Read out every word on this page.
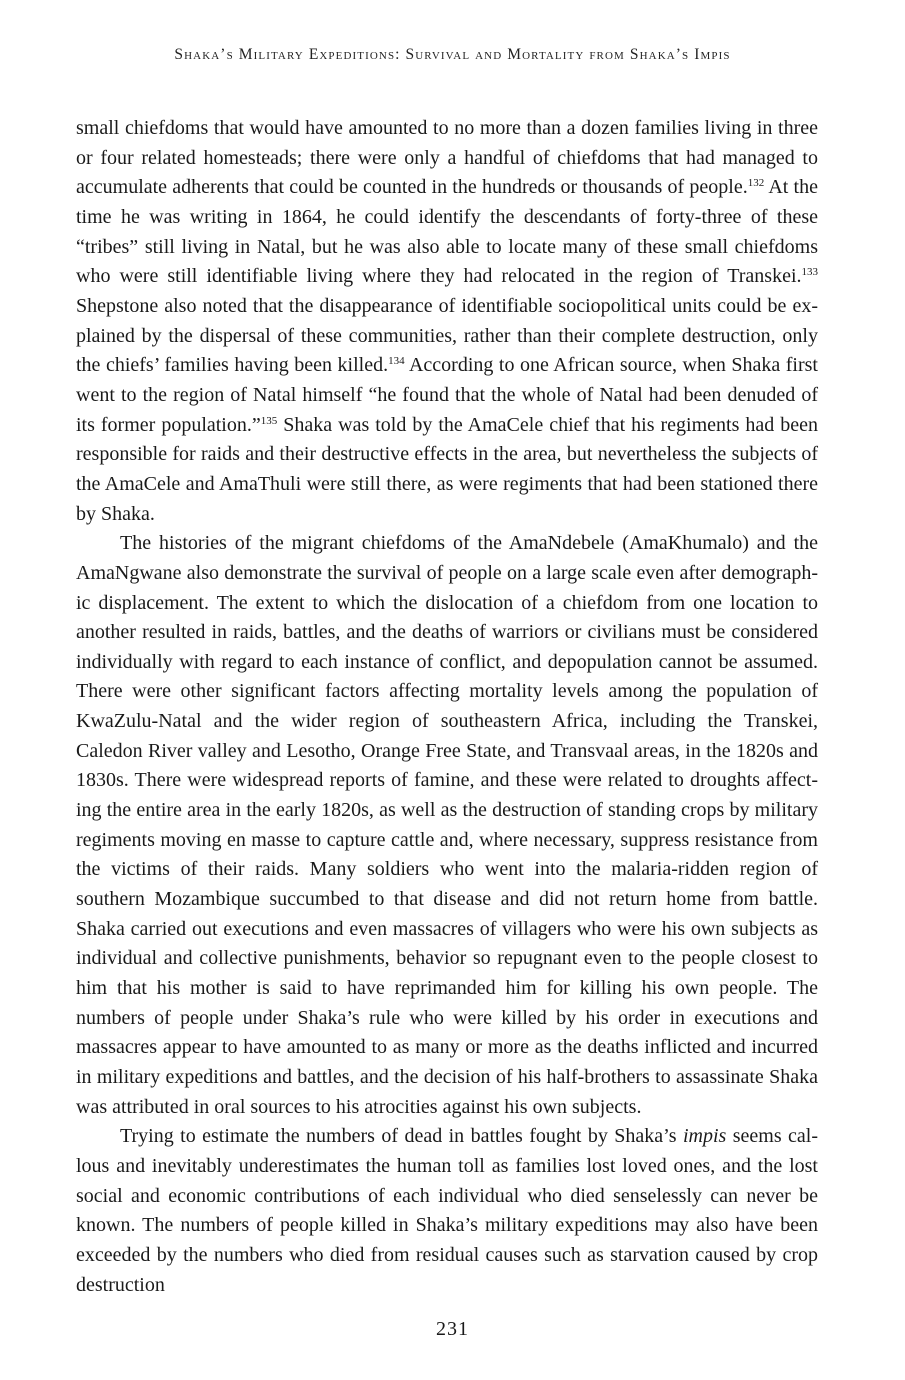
Shaka’s Military Expeditions: Survival and Mortality from Shaka’s Impis

small chiefdoms that would have amounted to no more than a dozen families living in three or four related homesteads; there were only a handful of chiefdoms that had managed to accumulate adherents that could be counted in the hundreds or thousands of people.$^{132}$ At the time he was writing in 1864, he could identify the descendants of forty-three of these “tribes” still living in Natal, but he was also able to locate many of these small chiefdoms who were still identifiable living where they had relocated in the region of Transkei.$^{133}$ Shepstone also noted that the disappearance of identifiable sociopolitical units could be explained by the dispersal of these communities, rather than their complete destruction, only the chiefs’ families having been killed.$^{134}$ According to one African source, when Shaka first went to the region of Natal himself “he found that the whole of Natal had been denuded of its former population.”$^{135}$ Shaka was told by the AmaCele chief that his regiments had been responsible for raids and their destructive effects in the area, but nevertheless the subjects of the AmaCele and AmaThuli were still there, as were regiments that had been stationed there by Shaka.

The histories of the migrant chiefdoms of the AmaNdebele (AmaKhumalo) and the AmaNgwane also demonstrate the survival of people on a large scale even after demographic displacement. The extent to which the dislocation of a chiefdom from one location to another resulted in raids, battles, and the deaths of warriors or civilians must be considered individually with regard to each instance of conflict, and depopulation cannot be assumed. There were other significant factors affecting mortality levels among the population of KwaZulu-Natal and the wider region of southeastern Africa, including the Transkei, Caledon River valley and Lesotho, Orange Free State, and Transvaal areas, in the 1820s and 1830s. There were widespread reports of famine, and these were related to droughts affecting the entire area in the early 1820s, as well as the destruction of standing crops by military regiments moving en masse to capture cattle and, where necessary, suppress resistance from the victims of their raids. Many soldiers who went into the malaria-ridden region of southern Mozambique succumbed to that disease and did not return home from battle. Shaka carried out executions and even massacres of villagers who were his own subjects as individual and collective punishments, behavior so repugnant even to the people closest to him that his mother is said to have reprimanded him for killing his own people. The numbers of people under Shaka’s rule who were killed by his order in executions and massacres appear to have amounted to as many or more as the deaths inflicted and incurred in military expeditions and battles, and the decision of his half-brothers to assassinate Shaka was attributed in oral sources to his atrocities against his own subjects.

Trying to estimate the numbers of dead in battles fought by Shaka’s impis seems callous and inevitably underestimates the human toll as families lost loved ones, and the lost social and economic contributions of each individual who died senselessly can never be known. The numbers of people killed in Shaka’s military expeditions may also have been exceeded by the numbers who died from residual causes such as starvation caused by crop destruction

231
